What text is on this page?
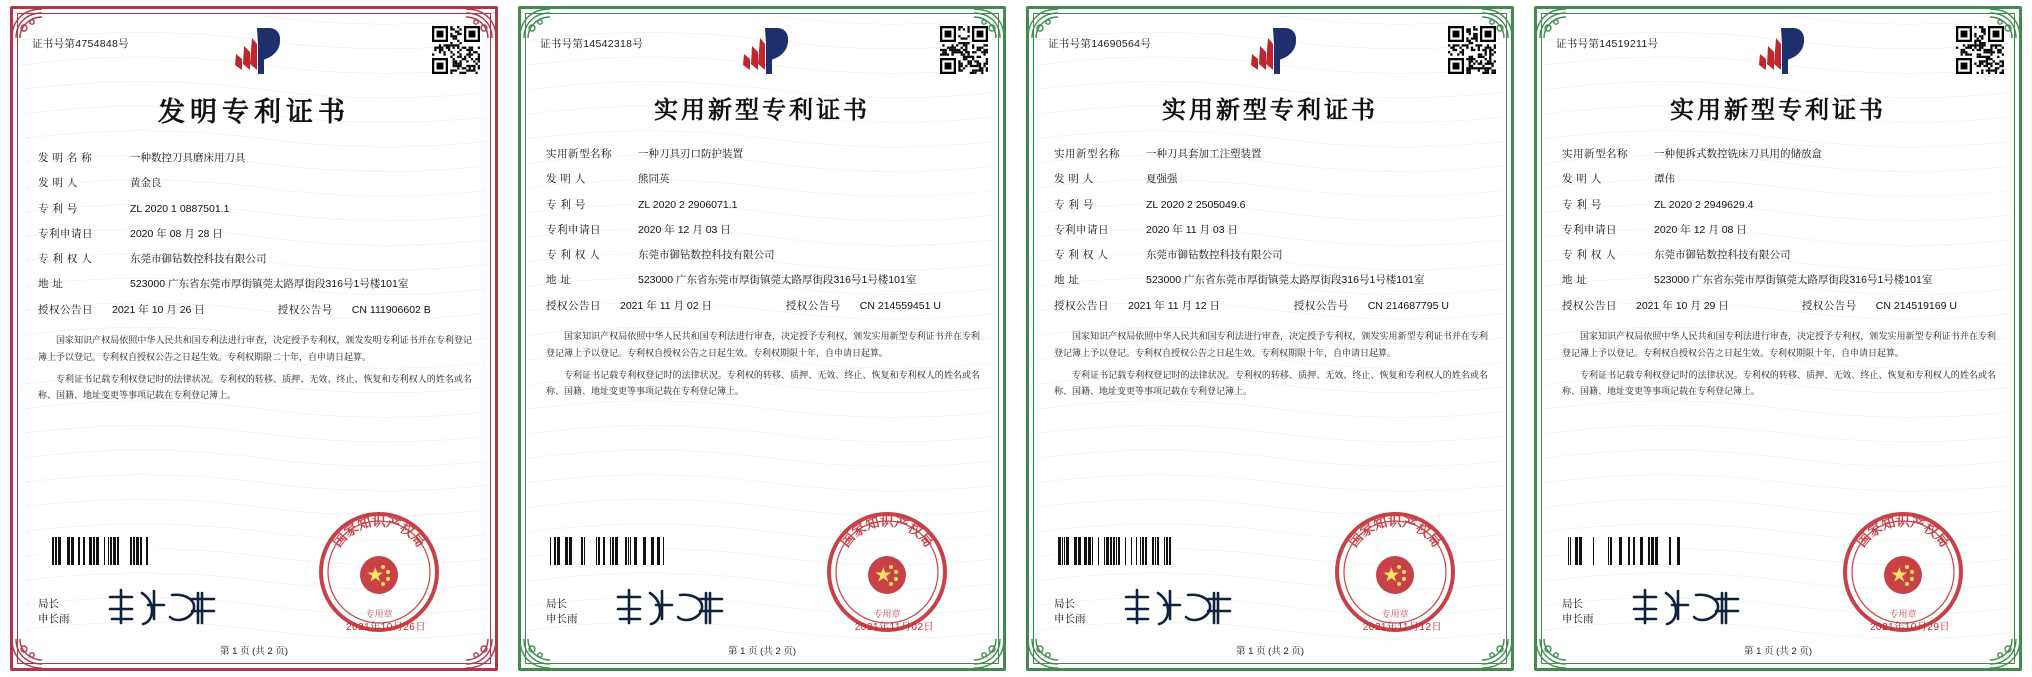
证书号第4754848号
发明专利证书
发 明 名 称	一种数控刀具磨床用刀具
发 明 人	黄金良
专 利 号	ZL 2020 1 0887501.1
专利申请日	2020 年 08 月 28 日
专 利 权 人	东莞市御钻数控科技有限公司
地 址	523000 广东省东莞市厚街镇莞太路厚街段316号1号楼101室
授权公告日	2021 年 10 月 26 日	授权公告号	CN 111906602 B

国家知识产权局依照中华人民共和国专利法进行审查，决定授予专利权，颁发发明专利证书并在专利登记簿上予以登记。专利权自授权公告之日起生效。专利权期限二十年，自申请日起算。

专利证书记载专利权登记时的法律状况。专利权的转移、质押、无效、终止、恢复和专利权人的姓名或名称、国籍、地址变更等事项记载在专利登记簿上。

局长
申长雨
国家知识产权局
专用章
2021年10月26日
第 1 页 (共 2 页)
证书号第14542318号
实用新型专利证书
实用新型名称	一种刀具刃口防护装置
发 明 人	熊同英
专 利 号	ZL 2020 2 2906071.1
专利申请日	2020 年 12 月 03 日
专 利 权 人	东莞市御钻数控科技有限公司
地 址	523000 广东省东莞市厚街镇莞太路厚街段316号1号楼101室
授权公告日	2021 年 11 月 02 日	授权公告号	CN 214559451 U

国家知识产权局依照中华人民共和国专利法进行审查，决定授予专利权，颁发实用新型专利证书并在专利登记簿上予以登记。专利权自授权公告之日起生效。专利权期限十年，自申请日起算。

专利证书记载专利权登记时的法律状况。专利权的转移、质押、无效、终止、恢复和专利权人的姓名或名称、国籍、地址变更等事项记载在专利登记簿上。

局长
申长雨
国家知识产权局
专用章
2021年11月02日
第 1 页 (共 2 页)
证书号第14690564号
实用新型专利证书
实用新型名称	一种刀具套加工注塑装置
发 明 人	夏强强
专 利 号	ZL 2020 2 2505049.6
专利申请日	2020 年 11 月 03 日
专 利 权 人	东莞市御钻数控科技有限公司
地 址	523000 广东省东莞市厚街镇莞太路厚街段316号1号楼101室
授权公告日	2021 年 11 月 12 日	授权公告号	CN 214687795 U

国家知识产权局依照中华人民共和国专利法进行审查，决定授予专利权，颁发实用新型专利证书并在专利登记簿上予以登记。专利权自授权公告之日起生效。专利权期限十年，自申请日起算。

专利证书记载专利权登记时的法律状况。专利权的转移、质押、无效、终止、恢复和专利权人的姓名或名称、国籍、地址变更等事项记载在专利登记簿上。

局长
申长雨
国家知识产权局
专用章
2021年11月12日
第 1 页 (共 2 页)
证书号第14519211号
实用新型专利证书
实用新型名称	一种便拆式数控铣床刀具用的储放盒
发 明 人	谭伟
专 利 号	ZL 2020 2 2949629.4
专利申请日	2020 年 12 月 08 日
专 利 权 人	东莞市御钻数控科技有限公司
地 址	523000 广东省东莞市厚街镇莞太路厚街段316号1号楼101室
授权公告日	2021 年 10 月 29 日	授权公告号	CN 214519169 U

国家知识产权局依照中华人民共和国专利法进行审查，决定授予专利权，颁发实用新型专利证书并在专利登记簿上予以登记。专利权自授权公告之日起生效。专利权期限十年，自申请日起算。

专利证书记载专利权登记时的法律状况。专利权的转移、质押、无效、终止、恢复和专利权人的姓名或名称、国籍、地址变更等事项记载在专利登记簿上。

局长
申长雨
国家知识产权局
专用章
2021年10月29日
第 1 页 (共 2 页)
